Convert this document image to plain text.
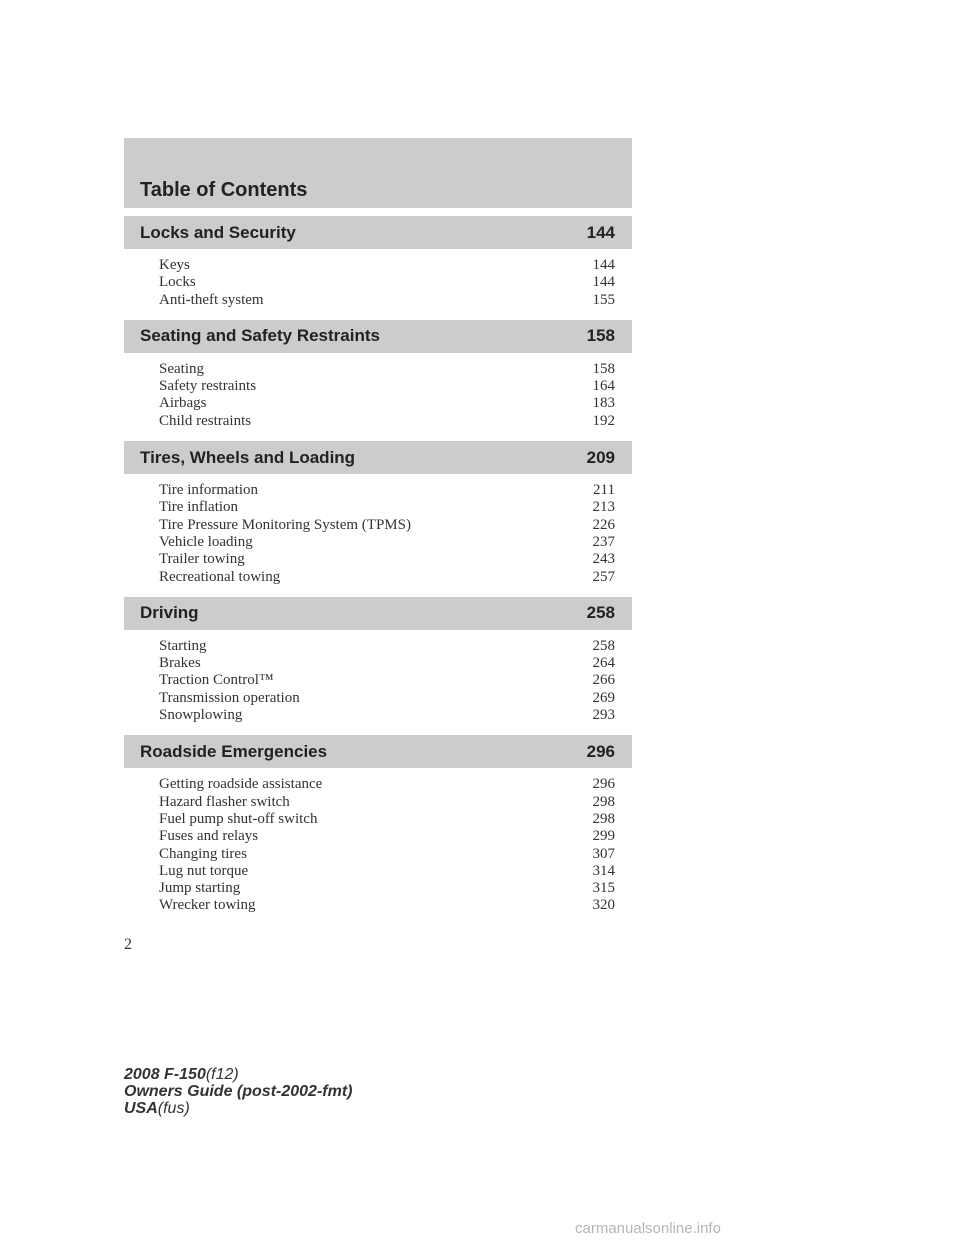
Table of Contents
Locks and Security	144
Keys	144
Locks	144
Anti-theft system	155
Seating and Safety Restraints	158
Seating	158
Safety restraints	164
Airbags	183
Child restraints	192
Tires, Wheels and Loading	209
Tire information	211
Tire inflation	213
Tire Pressure Monitoring System (TPMS)	226
Vehicle loading	237
Trailer towing	243
Recreational towing	257
Driving	258
Starting	258
Brakes	264
Traction Control™	266
Transmission operation	269
Snowplowing	293
Roadside Emergencies	296
Getting roadside assistance	296
Hazard flasher switch	298
Fuel pump shut-off switch	298
Fuses and relays	299
Changing tires	307
Lug nut torque	314
Jump starting	315
Wrecker towing	320
2
2008 F-150(f12)
Owners Guide (post-2002-fmt)
USA(fus)
carmanualsonline.info
